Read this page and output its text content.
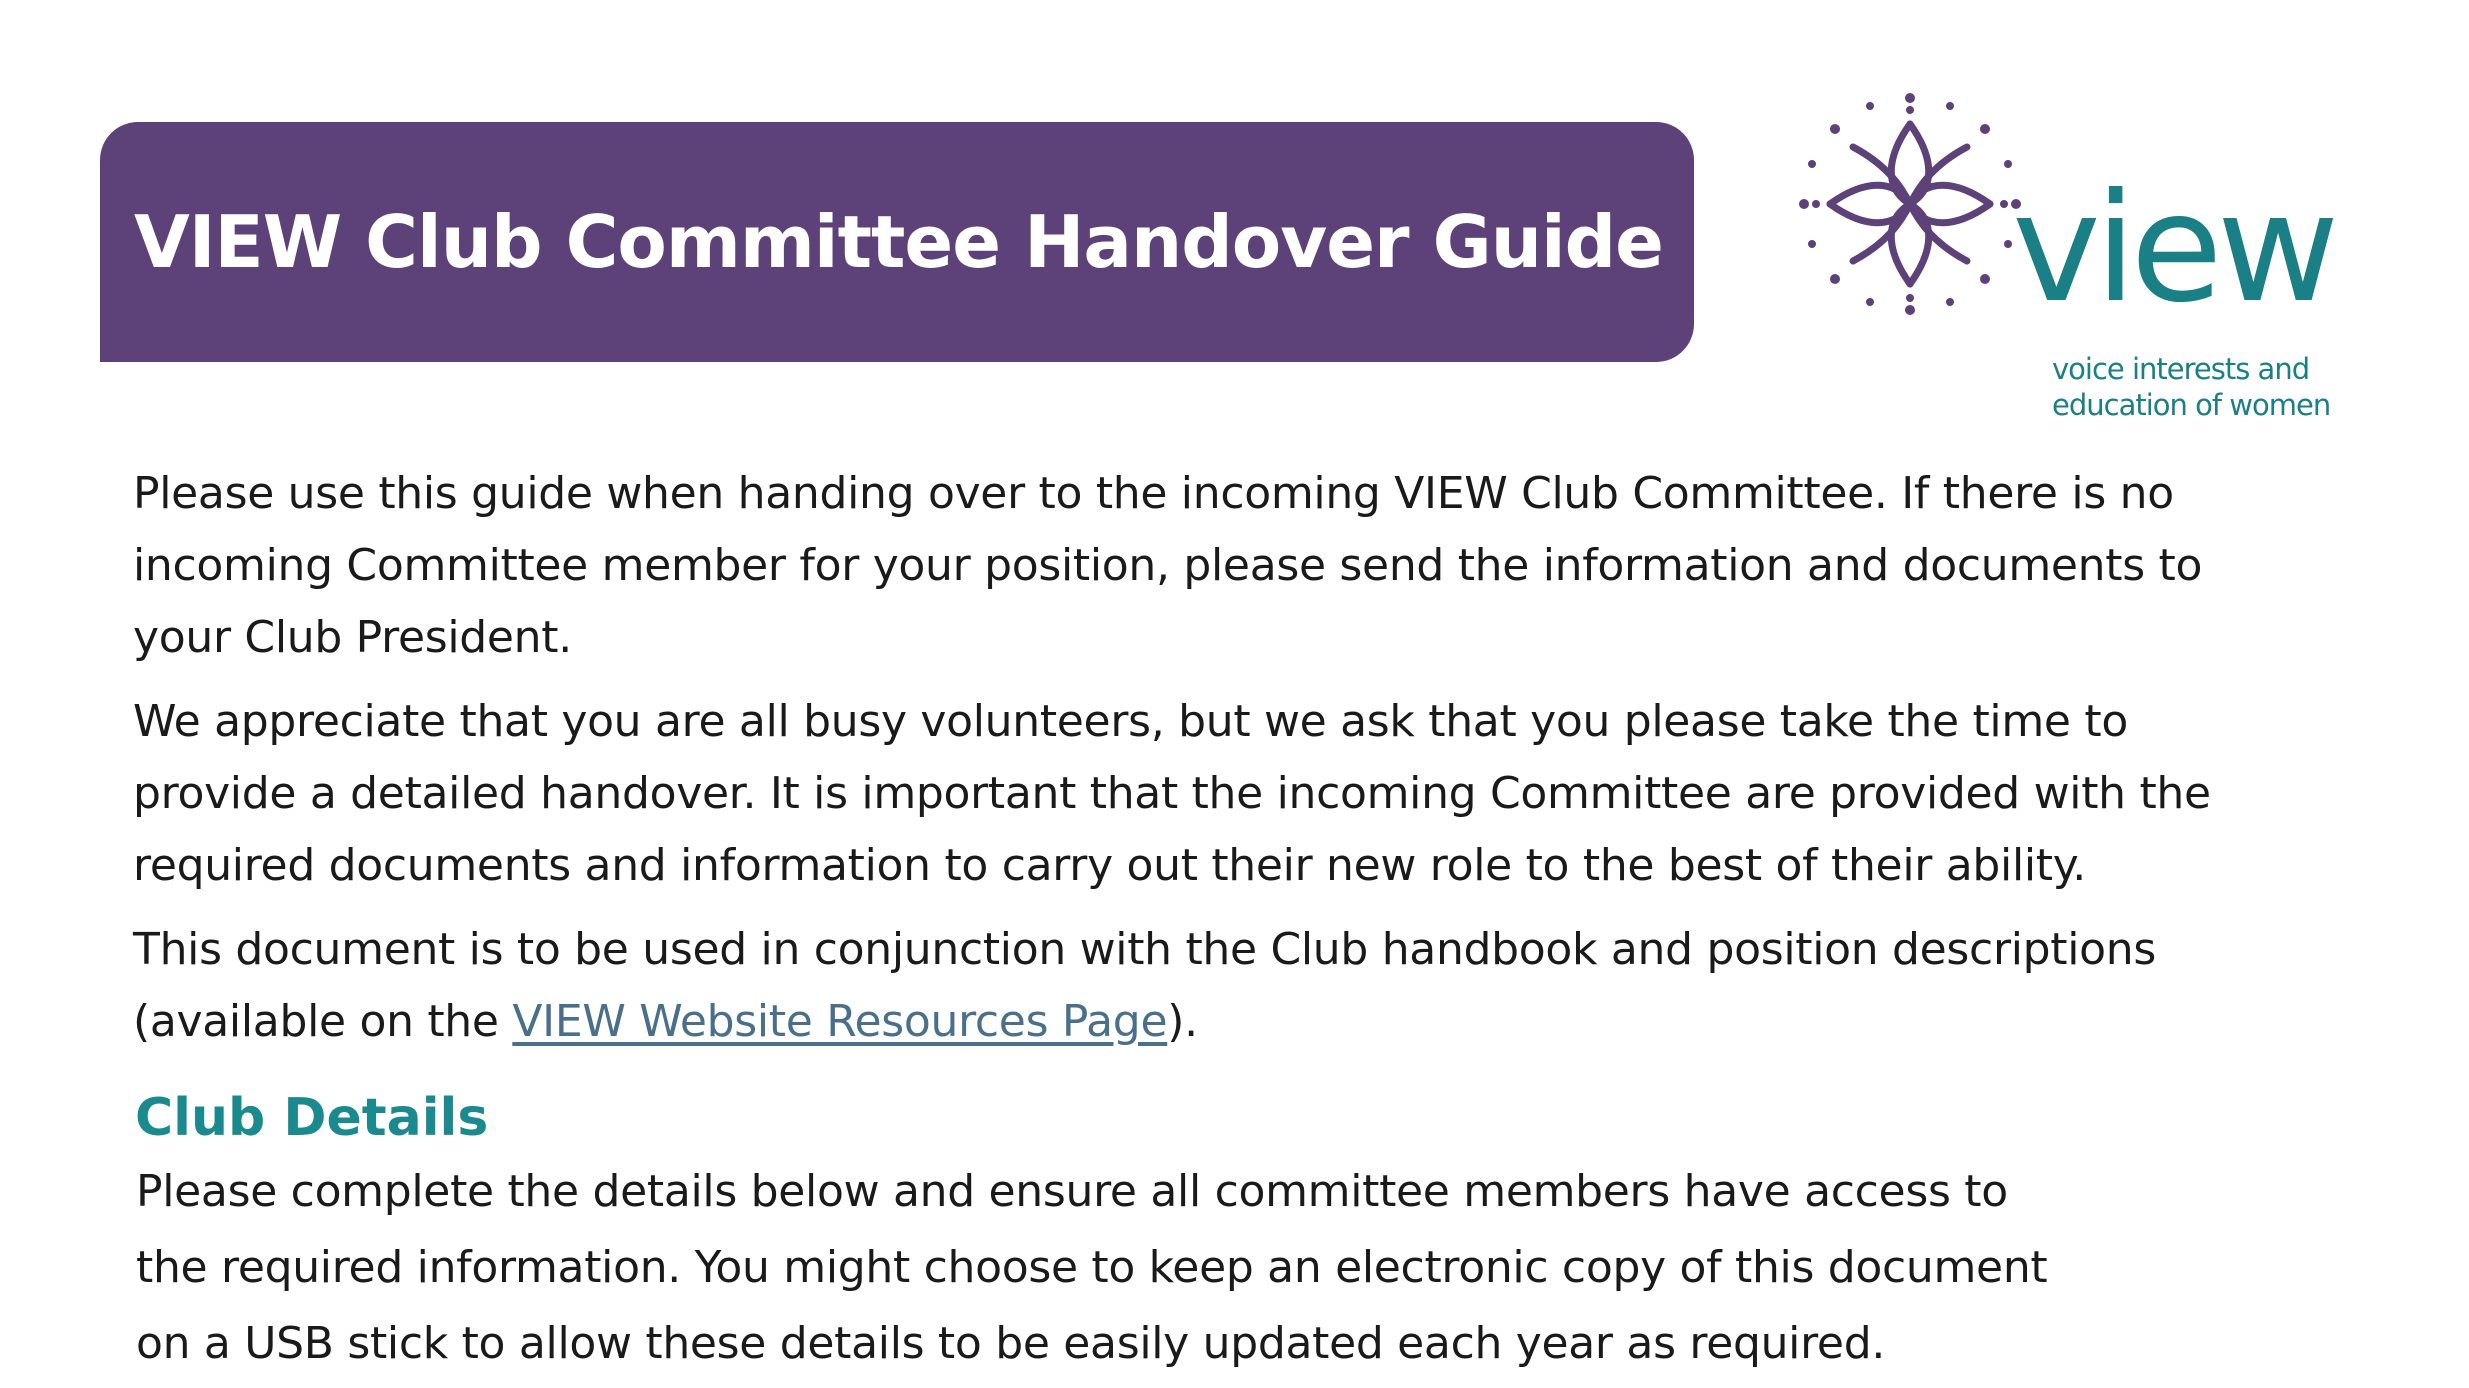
VIEW Club Committee Handover Guide view
voice interests and
education of women

Please use this guide when handing over to the incoming VIEW Club Committee. If there is no
incoming Committee member for your position, please send the information and documents to
your Club President.

We appreciate that you are all busy volunteers, but we ask that you please take the time to
provide a detailed handover. It is important that the incoming Committee are provided with the
required documents and information to carry out their new role to the best of their ability.

This document is to be used in conjunction with the Club handbook and position descriptions
(available on the VIEW Website Resources Page).

Club Details

Please complete the details below and ensure all committee members have access to
the required information. You might choose to keep an electronic copy of this document
on a USB stick to allow these details to be easily updated each year as required.
